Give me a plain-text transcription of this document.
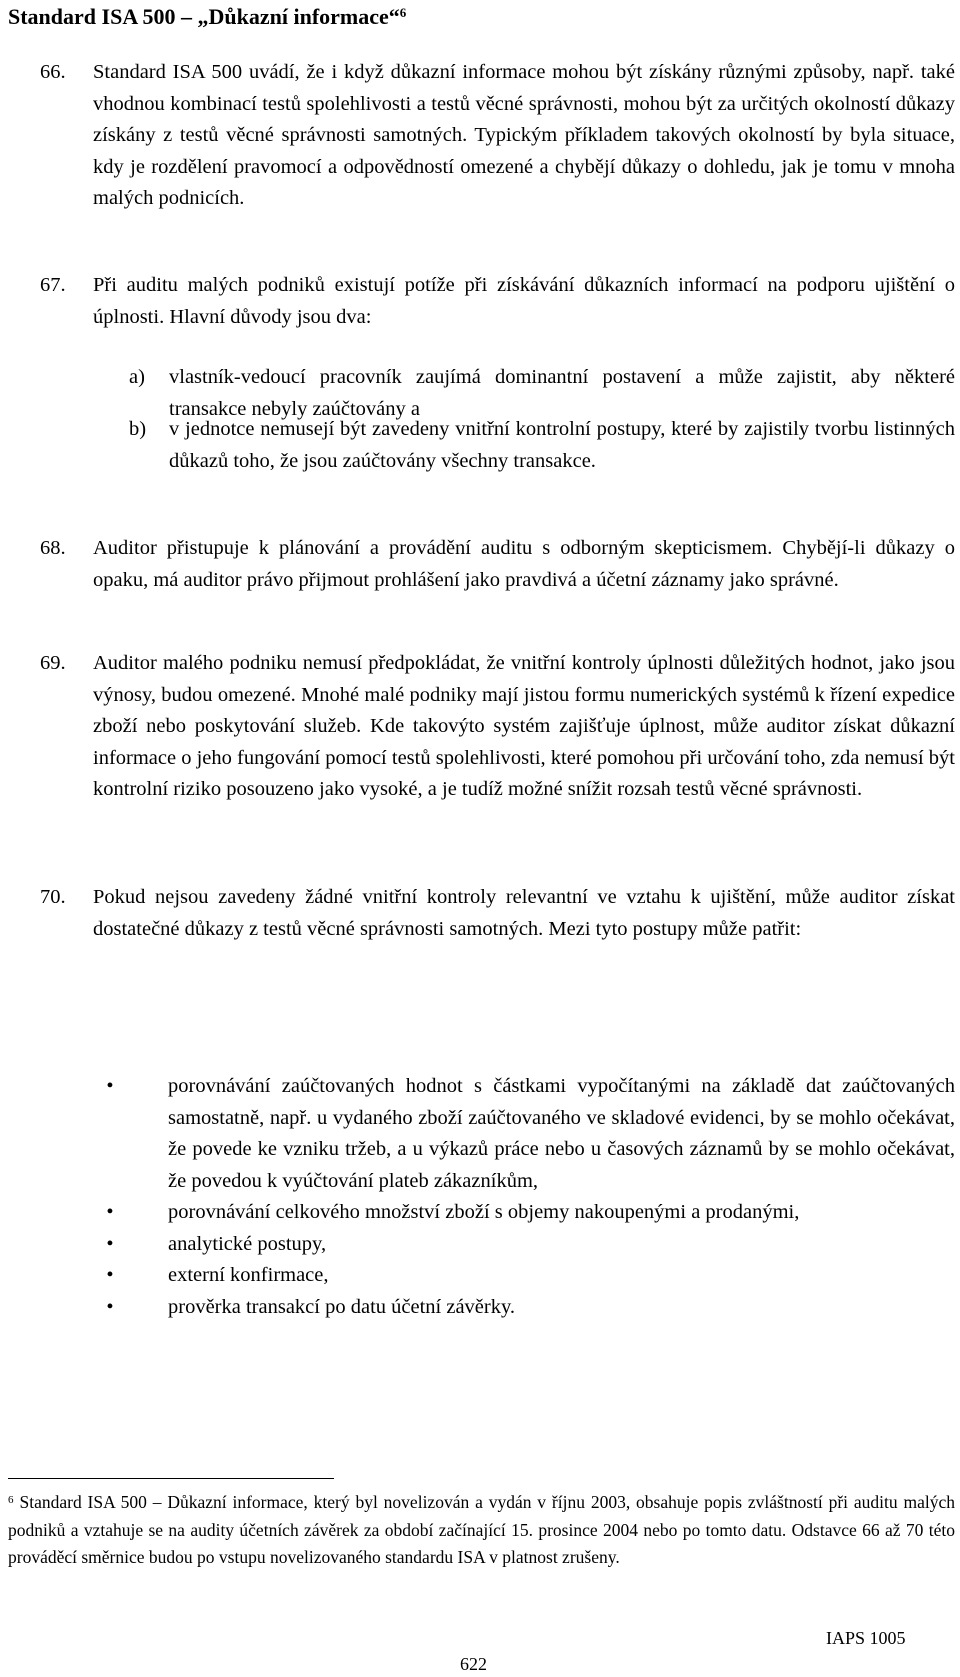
Standard ISA 500 – „Důkazní informace“$^6$
66.	Standard ISA 500 uvádí, že i když důkazní informace mohou být získány různými způsoby, např. také vhodnou kombinací testů spolehlivosti a testů věcné správnosti, mohou být za určitých okolností důkazy získány z testů věcné správnosti samotných. Typickým příkladem takových okolností by byla situace, kdy je rozdělení pravomocí a odpovědností omezené a chybějí důkazy o dohledu, jak je tomu v mnoha malých podnicích.
67.	Při auditu malých podniků existují potíže při získávání důkazních informací na podporu ujištění o úplnosti. Hlavní důvody jsou dva:
a)	vlastník-vedoucí pracovník zaujímá dominantní postavení a může zajistit, aby některé transakce nebyly zaúčtovány a
b)	v jednotce nemusejí být zavedeny vnitřní kontrolní postupy, které by zajistily tvorbu listinných důkazů toho, že jsou zaúčtovány všechny transakce.
68.	Auditor přistupuje k plánování a provádění auditu s odborným skepticismem. Chybějí-li důkazy o opaku, má auditor právo přijmout prohlášení jako pravdivá a účetní záznamy jako správné.
69.	Auditor malého podniku nemusí předpokládat, že vnitřní kontroly úplnosti důležitých hodnot, jako jsou výnosy, budou omezené. Mnohé malé podniky mají jistou formu numerických systémů k řízení expedice zboží nebo poskytování služeb. Kde takovýto systém zajišťuje úplnost, může auditor získat důkazní informace o jeho fungování pomocí testů spolehlivosti, které pomohou při určování toho, zda nemusí být kontrolní riziko posouzeno jako vysoké, a je tudíž možné snížit rozsah testů věcné správnosti.
70.	Pokud nejsou zavedeny žádné vnitřní kontroly relevantní ve vztahu k ujištění, může auditor získat dostatečné důkazy z testů věcné správnosti samotných. Mezi tyto postupy může patřit:
•	porovnávání zaúčtovaných hodnot s částkami vypočítanými na základě dat zaúčtovaných samostatně, např. u vydaného zboží zaúčtovaného ve skladové evidenci, by se mohlo očekávat, že povede ke vzniku tržeb, a u výkazů práce nebo u časových záznamů by se mohlo očekávat, že povedou k vyúčtování plateb zákazníkům,
•	porovnávání celkového množství zboží s objemy nakoupenými a prodanými,
•	analytické postupy,
•	externí konfirmace,
•	prověrka transakcí po datu účetní závěrky.
$^6$ Standard ISA 500 – Důkazní informace, který byl novelizován a vydán v říjnu 2003, obsahuje popis zvláštností při auditu malých podniků a vztahuje se na audity účetních závěrek za období začínající 15. prosince 2004 nebo po tomto datu. Odstavce 66 až 70 této prováděcí směrnice budou po vstupu novelizovaného standardu ISA v platnost zrušeny.
IAPS 1005
622
